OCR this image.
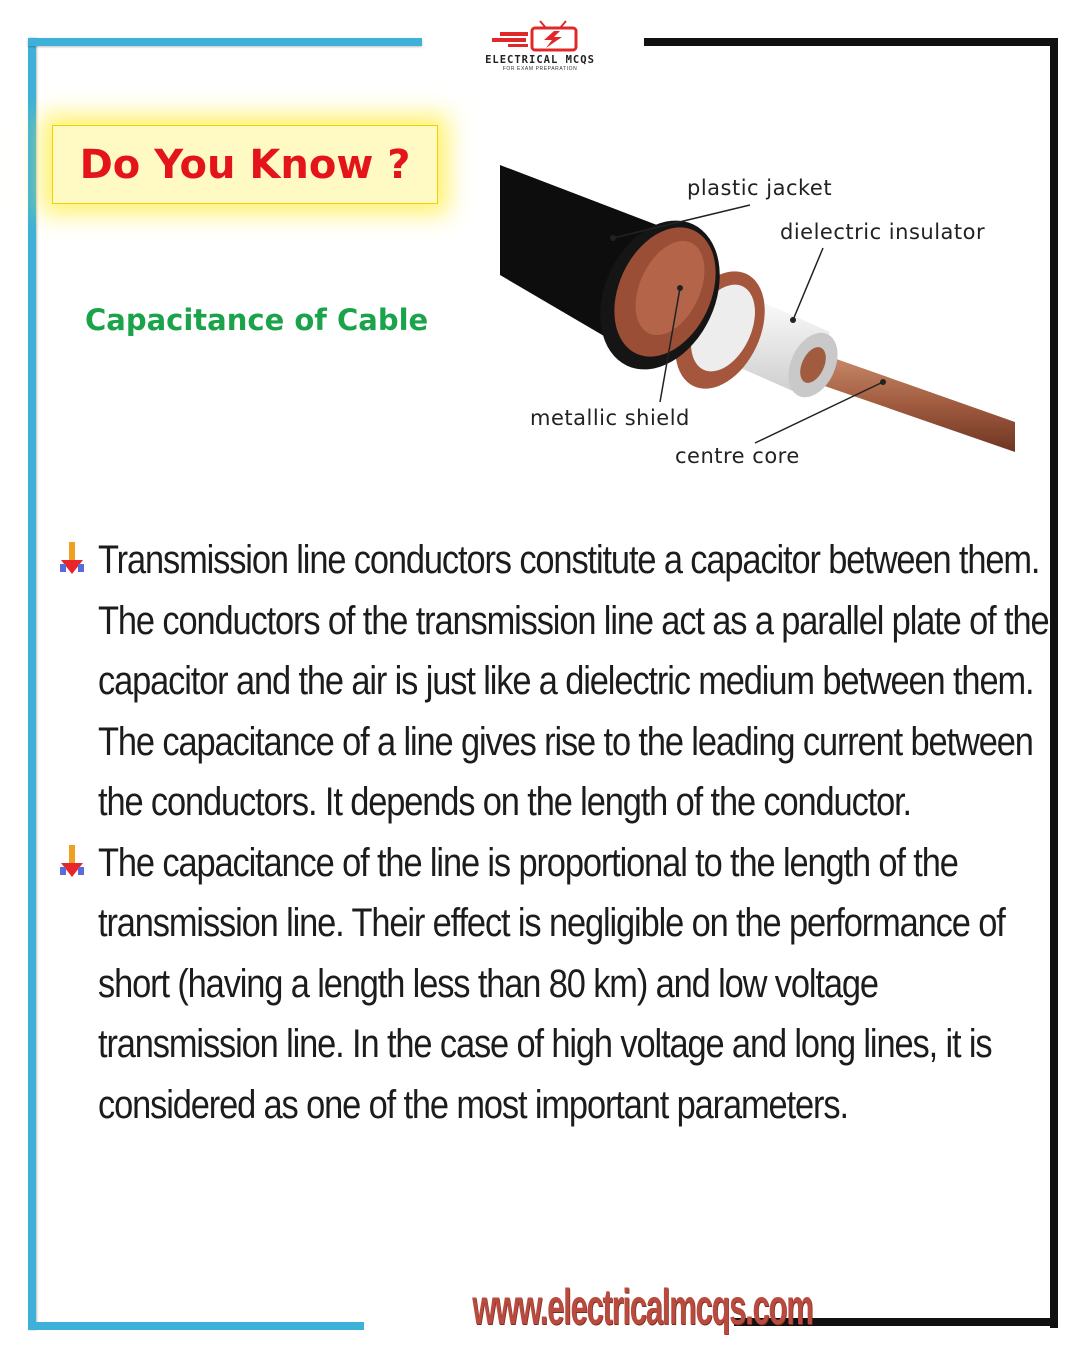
ELECTRICAL MCQS
FOR EXAM PREPARATION
Do You Know ?
Capacitance of Cable
plastic jacket
dielectric insulator
metallic shield
centre core

Transmission line conductors constitute a capacitor between them. The conductors of the transmission line act as a parallel plate of the capacitor and the air is just like a dielectric medium between them. The capacitance of a line gives rise to the leading current between the conductors. It depends on the length of the conductor.

The capacitance of the line is proportional to the length of the transmission line. Their effect is negligible on the performance of short (having a length less than 80 km) and low voltage transmission line. In the case of high voltage and long lines, it is considered as one of the most important parameters.

www.electricalmcqs.com
